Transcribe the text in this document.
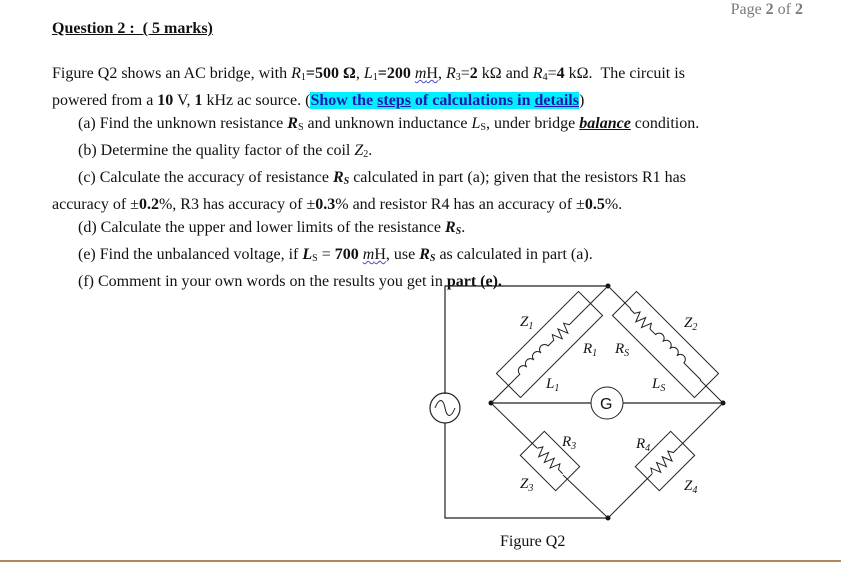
Page 2 of 2
Question 2 :  ( 5 marks)
Figure Q2 shows an AC bridge, with $R_1=500$ Ω, $L_1=200$ mH, $R_3=2$ kΩ and $R_4=4$ kΩ.  The circuit is
powered from a 10 V, 1 kHz ac source. (Show the steps of calculations in details)
(a) Find the unknown resistance $R_S$ and unknown inductance $L_S$, under bridge balance condition.
(b) Determine the quality factor of the coil $Z_2$.
(c) Calculate the accuracy of resistance $R_S$ calculated in part (a); given that the resistors R1 has
accuracy of ±0.2%, R3 has accuracy of ±0.3% and resistor R4 has an accuracy of ±0.5%.
(d) Calculate the upper and lower limits of the resistance $R_S$.
(e) Find the unbalanced voltage, if $L_S = 700$ mH, use $R_S$ as calculated in part (a).
(f) Comment in your own words on the results you get in part (e).
G
$Z_1$
$R_1$
$L_1$
$R_S$
$Z_2$
$L_S$
$R_3$
$Z_3$
$R_4$
$Z_4$
Figure Q2
